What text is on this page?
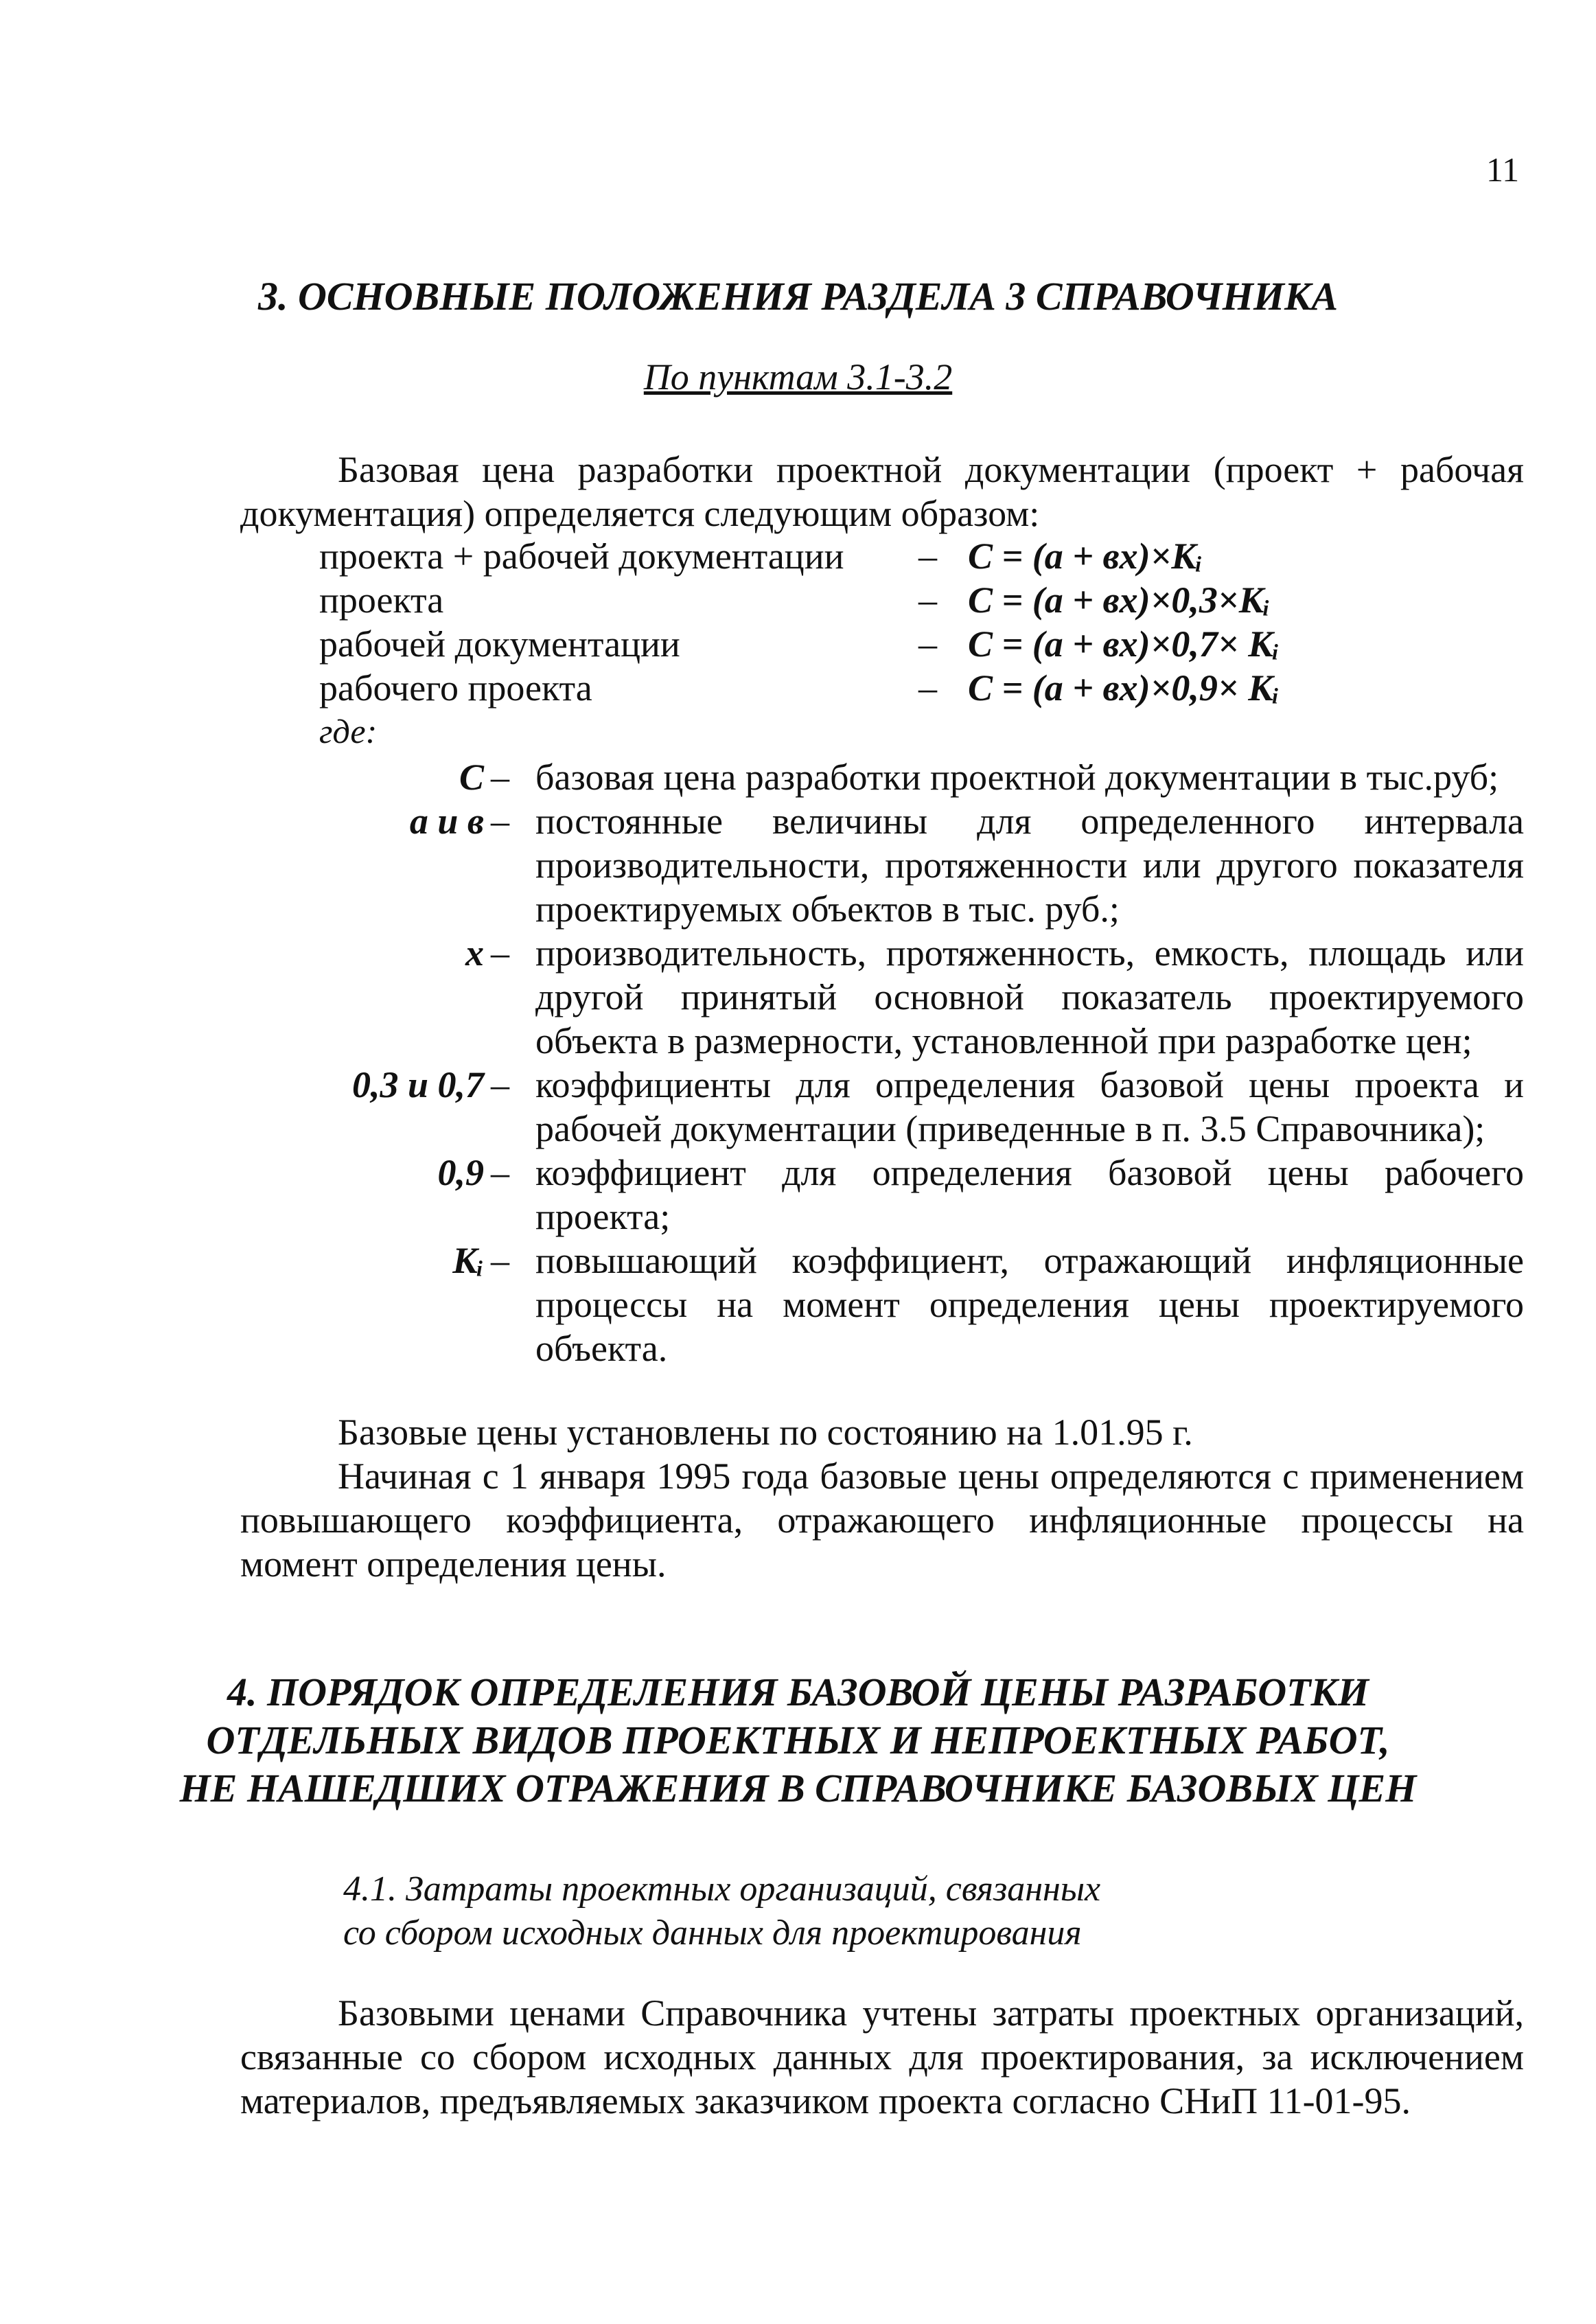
11
3. ОСНОВНЫЕ ПОЛОЖЕНИЯ РАЗДЕЛА 3 СПРАВОЧНИКА
По пунктам 3.1-3.2
Базовая цена разработки проектной документации (проект + рабочая документация) определяется следующим образом:
проекта + рабочей документации – С = (а + вх)×Кᵢ
проекта	– С = (а + вх)×0,3×Кᵢ
рабочей документации	– С = (а + вх)×0,7× Кᵢ
рабочего проекта	– С = (а + вх)×0,9× Кᵢ
где:
С – базовая цена разработки проектной документации в тыс.руб;
а и в – постоянные величины для определенного интервала производительности, протяженности или другого показателя проектируемых объектов в тыс. руб.;
х – производительность, протяженность, емкость, площадь или другой принятый основной показатель проектируемого объекта в размерности, установленной при разработке цен;
0,3 и 0,7 – коэффициенты для определения базовой цены проекта и рабочей документации (приведенные в п. 3.5 Справочника);
0,9 – коэффициент для определения базовой цены рабочего проекта;
Кᵢ – повышающий коэффициент, отражающий инфляционные процессы на момент определения цены проектируемого объекта.
Базовые цены установлены по состоянию на 1.01.95 г.
Начиная с 1 января 1995 года базовые цены определяются с применением повышающего коэффициента, отражающего инфляционные процессы на момент определения цены.
4. ПОРЯДОК ОПРЕДЕЛЕНИЯ БАЗОВОЙ ЦЕНЫ РАЗРАБОТКИ
ОТДЕЛЬНЫХ ВИДОВ ПРОЕКТНЫХ И НЕПРОЕКТНЫХ РАБОТ,
НЕ НАШЕДШИХ ОТРАЖЕНИЯ В СПРАВОЧНИКЕ БАЗОВЫХ ЦЕН
4.1. Затраты проектных организаций, связанных
со сбором исходных данных для проектирования
Базовыми ценами Справочника учтены затраты проектных организаций, связанные со сбором исходных данных для проектирования, за исключением материалов, предъявляемых заказчиком проекта согласно СНиП 11-01-95.
